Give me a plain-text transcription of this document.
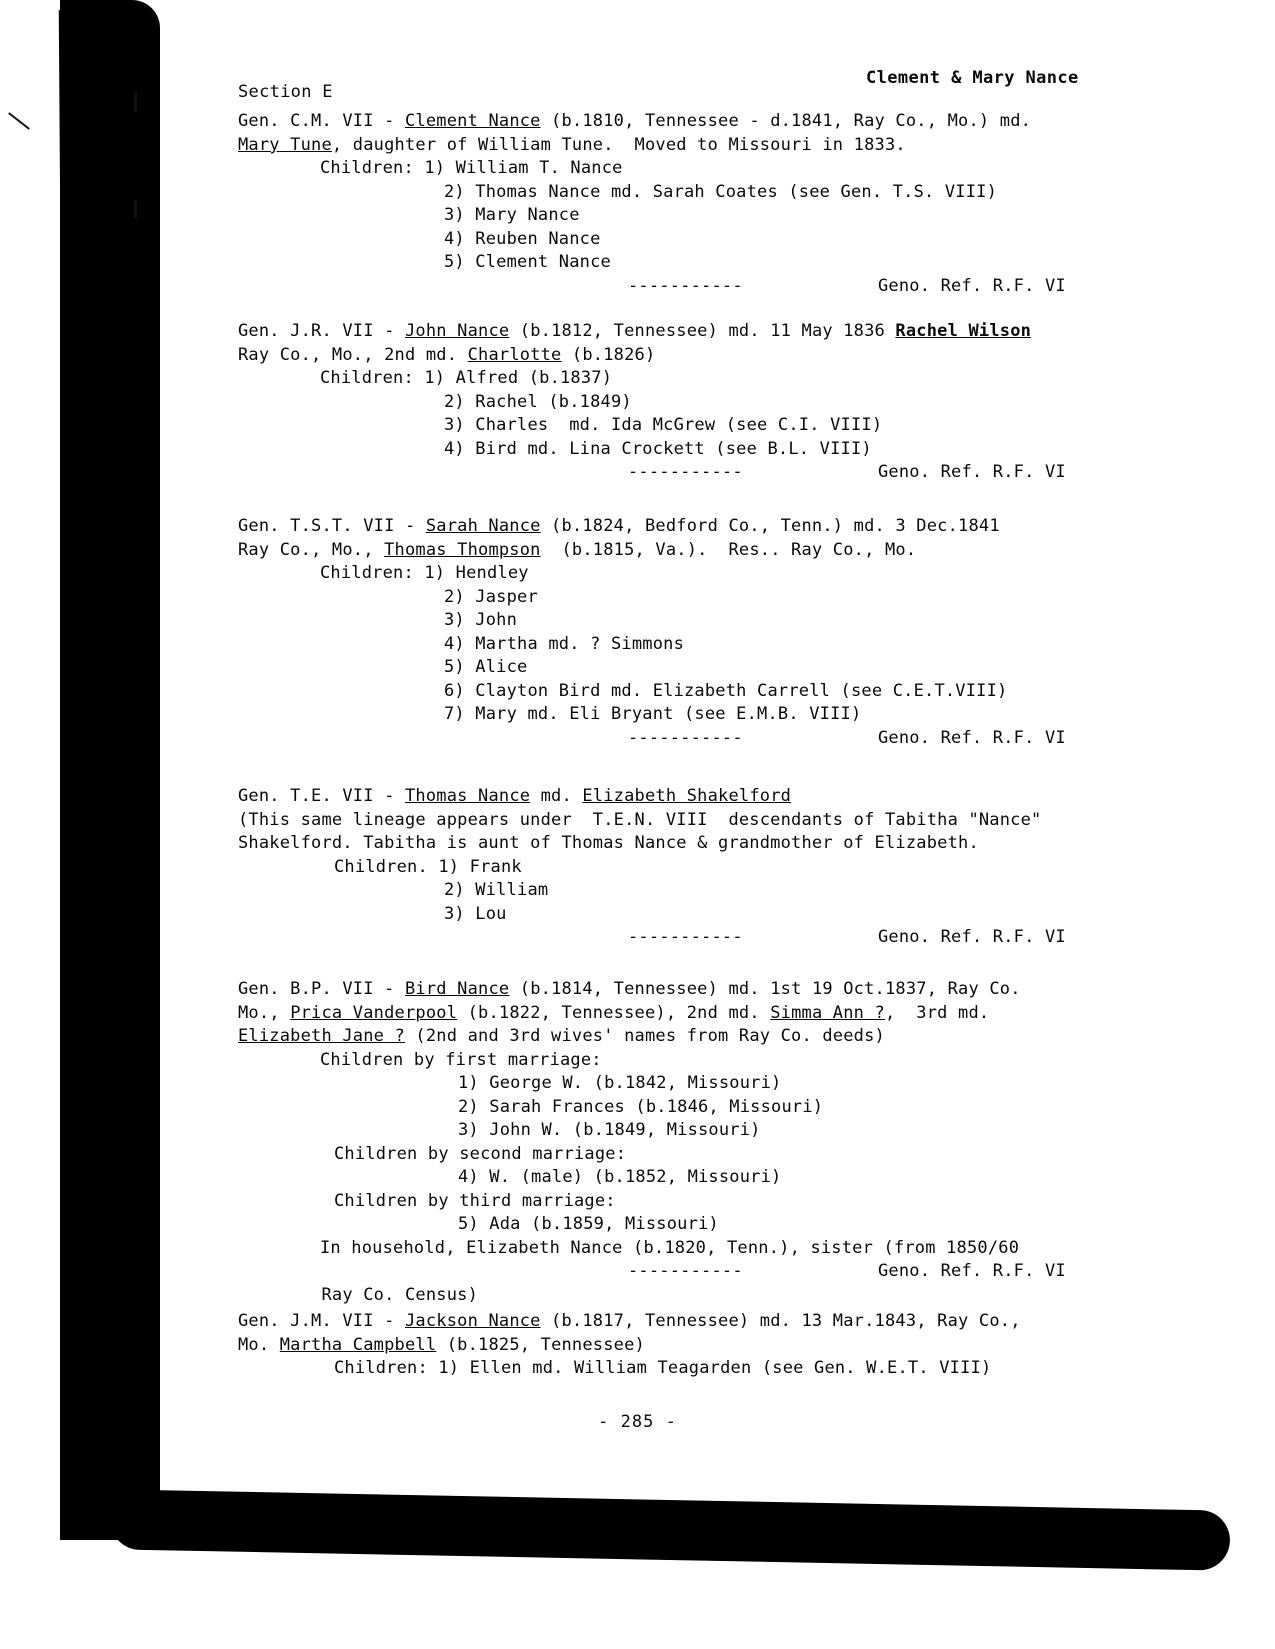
Clement & Mary Nance
Section E
Gen. C.M. VII - Clement Nance (b.1810, Tennessee - d.1841, Ray Co., Mo.) md.
Mary Tune, daughter of William Tune.  Moved to Missouri in 1833.
Children: 1) William T. Nance
2) Thomas Nance md. Sarah Coates (see Gen. T.S. VIII)
3) Mary Nance
4) Reuben Nance
5) Clement Nance

-----------

	Geno. Ref. R.F. VI

Gen. J.R. VII - John Nance (b.1812, Tennessee) md. 11 May 1836 Rachel Wilson
Ray Co., Mo., 2nd md. Charlotte (b.1826)
Children: 1) Alfred (b.1837)
2) Rachel (b.1849)
3) Charles  md. Ida McGrew (see C.I. VIII)
4) Bird md. Lina Crockett (see B.L. VIII)

-----------

	Geno. Ref. R.F. VI

Gen. T.S.T. VII - Sarah Nance (b.1824, Bedford Co., Tenn.) md. 3 Dec.1841
Ray Co., Mo., Thomas Thompson  (b.1815, Va.).  Res.. Ray Co., Mo.
Children: 1) Hendley
2) Jasper
3) John
4) Martha md. ? Simmons
5) Alice
6) Clayton Bird md. Elizabeth Carrell (see C.E.T.VIII)
7) Mary md. Eli Bryant (see E.M.B. VIII)

-----------

	Geno. Ref. R.F. VI

Gen. T.E. VII - Thomas Nance md. Elizabeth Shakelford
(This same lineage appears under  T.E.N. VIII  descendants of Tabitha "Nance"
Shakelford. Tabitha is aunt of Thomas Nance & grandmother of Elizabeth.
Children. 1) Frank
2) William
3) Lou

-----------

	Geno. Ref. R.F. VI

Gen. B.P. VII - Bird Nance (b.1814, Tennessee) md. 1st 19 Oct.1837, Ray Co.
Mo., Prica Vanderpool (b.1822, Tennessee), 2nd md. Simma Ann ?,  3rd md.
Elizabeth Jane ? (2nd and 3rd wives' names from Ray Co. deeds)
Children by first marriage:
1) George W. (b.1842, Missouri)
2) Sarah Frances (b.1846, Missouri)
3) John W. (b.1849, Missouri)
Children by second marriage:
4) W. (male) (b.1852, Missouri)
Children by third marriage:
5) Ada (b.1859, Missouri)
In household, Elizabeth Nance (b.1820, Tenn.), sister (from 1850/60

Ray Co. Census)

-----------

	Geno. Ref. R.F. VI

Gen. J.M. VII - Jackson Nance (b.1817, Tennessee) md. 13 Mar.1843, Ray Co.,
Mo. Martha Campbell (b.1825, Tennessee)
Children: 1) Ellen md. William Teagarden (see Gen. W.E.T. VIII)
- 285 -
